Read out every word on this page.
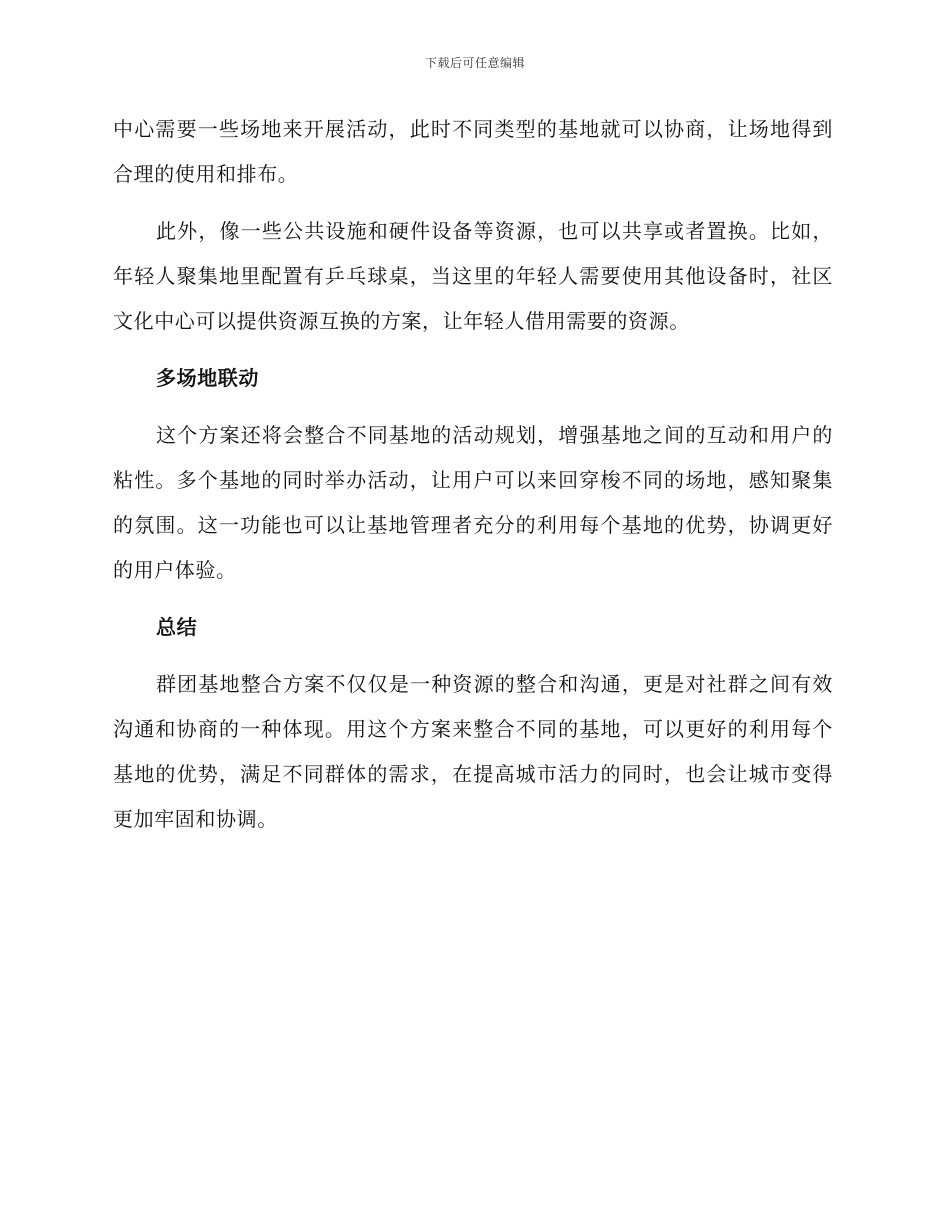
下载后可任意编辑

中心需要一些场地来开展活动，此时不同类型的基地就可以协商，让场地得到合理的使用和排布。

此外，像一些公共设施和硬件设备等资源，也可以共享或者置换。比如，年轻人聚集地里配置有乒乓球桌，当这里的年轻人需要使用其他设备时，社区文化中心可以提供资源互换的方案，让年轻人借用需要的资源。

多场地联动

这个方案还将会整合不同基地的活动规划，增强基地之间的互动和用户的粘性。多个基地的同时举办活动，让用户可以来回穿梭不同的场地，感知聚集的氛围。这一功能也可以让基地管理者充分的利用每个基地的优势，协调更好的用户体验。

总结

群团基地整合方案不仅仅是一种资源的整合和沟通，更是对社群之间有效沟通和协商的一种体现。用这个方案来整合不同的基地，可以更好的利用每个基地的优势，满足不同群体的需求，在提高城市活力的同时，也会让城市变得更加牢固和协调。
